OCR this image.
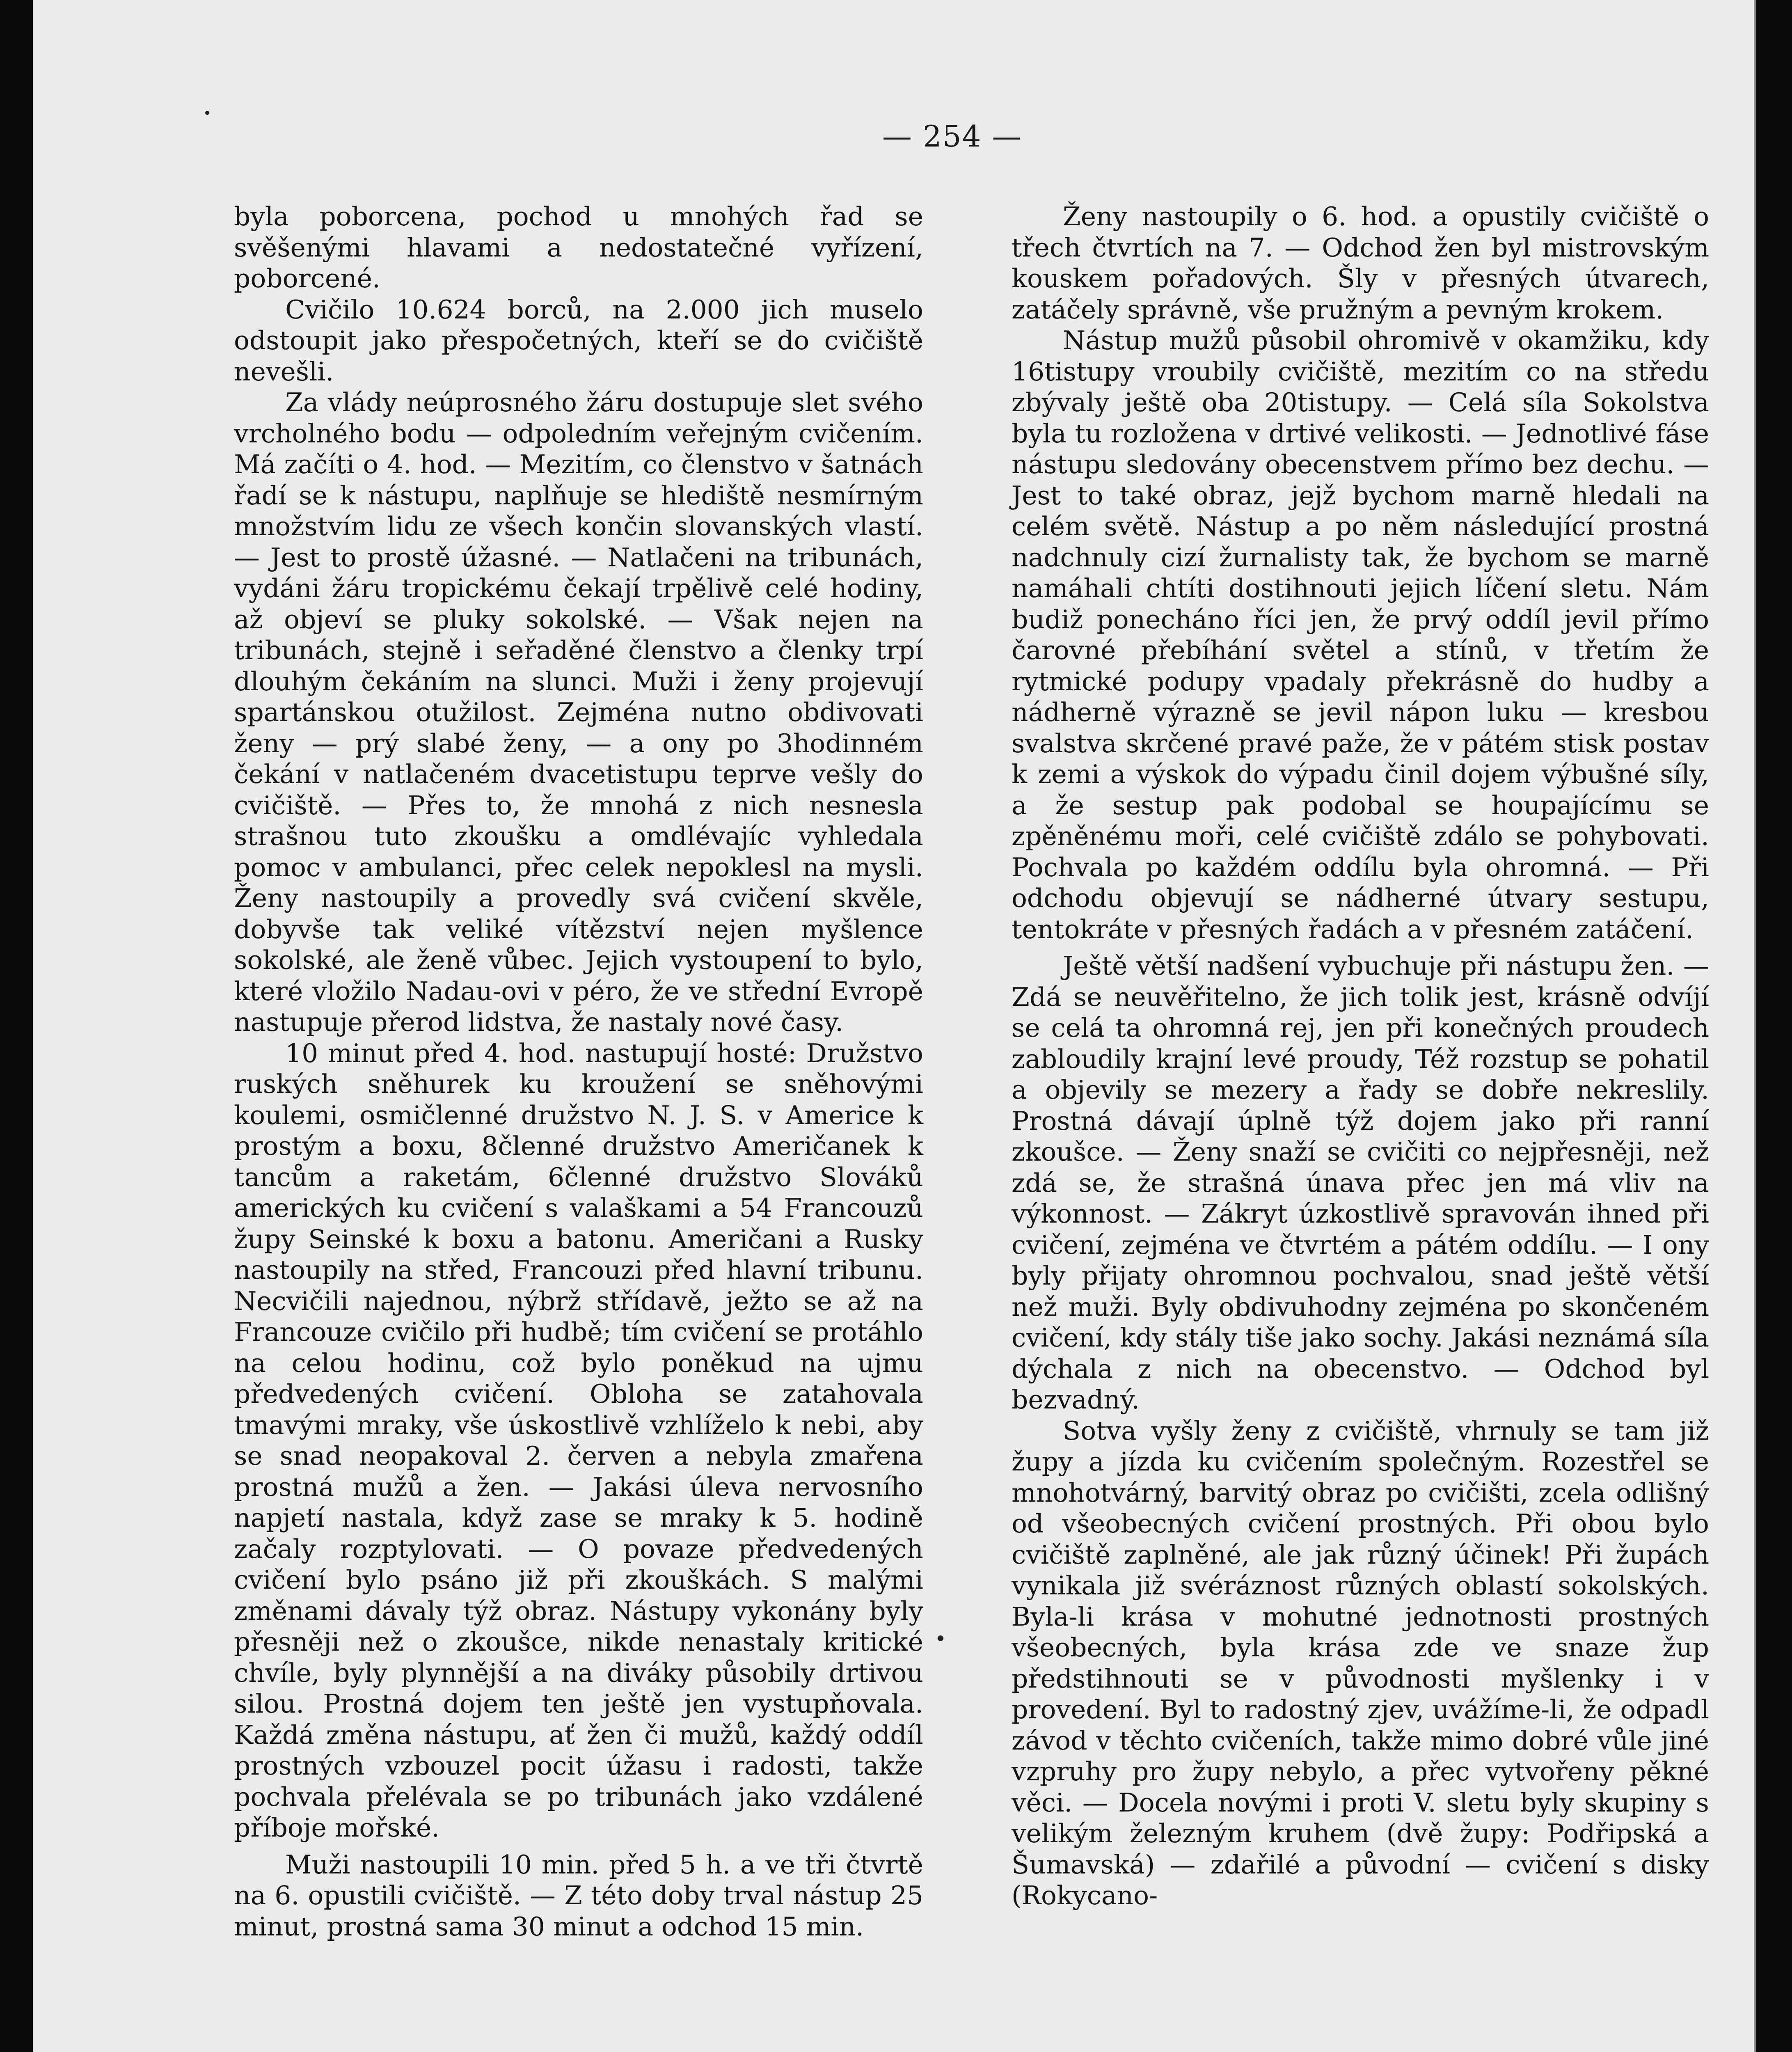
— 254 —

byla poborcena, pochod u mnohých řad se svěšenými hlavami a nedostatečné vyřízení, poborcené.

Cvičilo 10.624 borců, na 2.000 jich muselo odstoupit jako přespočetných, kteří se do cvičiště nevešli.

Za vlády neúprosného žáru dostupuje slet svého vrcholného bodu — odpoledním veřejným cvičením. Má začíti o 4. hod. — Mezitím, co členstvo v šatnách řadí se k nástupu, naplňuje se hlediště nesmírným množstvím lidu ze všech končin slovanských vlastí. — Jest to prostě úžasné. — Natlačeni na tribunách, vydáni žáru tropickému čekají trpělivě celé hodiny, až objeví se pluky sokolské. — Však nejen na tribunách, stejně i seřaděné členstvo a členky trpí dlouhým čekáním na slunci. Muži i ženy projevují spartánskou otužilost. Zejména nutno obdivovati ženy — prý slabé ženy, — a ony po 3hodinném čekání v natlačeném dvacetistupu teprve vešly do cvičiště. — Přes to, že mnohá z nich nesnesla strašnou tuto zkoušku a omdlévajíc vyhledala pomoc v ambulanci, přec celek nepoklesl na mysli. Ženy nastoupily a provedly svá cvičení skvěle, dobyvše tak veliké vítězství nejen myšlence sokolské, ale ženě vůbec. Jejich vystoupení to bylo, které vložilo Nadau-ovi v péro, že ve střední Evropě nastupuje přerod lidstva, že nastaly nové časy.

10 minut před 4. hod. nastupují hosté: Družstvo ruských sněhurek ku kroužení se sněhovými koulemi, osmičlenné družstvo N. J. S. v Americe k prostým a boxu, 8členné družstvo Američanek k tancům a raketám, 6členné družstvo Slováků amerických ku cvičení s valaškami a 54 Francouzů župy Seinské k boxu a batonu. Američani a Rusky nastoupily na střed, Francouzi před hlavní tribunu. Necvičili najednou, nýbrž střídavě, ježto se až na Francouze cvičilo při hudbě; tím cvičení se protáhlo na celou hodinu, což bylo poněkud na ujmu předvedených cvičení. Obloha se zatahovala tmavými mraky, vše úskostlivě vzhlíželo k nebi, aby se snad neopakoval 2. červen a nebyla zmařena prostná mužů a žen. — Jakási úleva nervosního napjetí nastala, když zase se mraky k 5. hodině začaly rozptylovati. — O povaze předvedených cvičení bylo psáno již při zkouškách. S malými změnami dávaly týž obraz. Nástupy vykonány byly přesněji než o zkoušce, nikde nenastaly kritické chvíle, byly plynnější a na diváky působily drtivou silou. Prostná dojem ten ještě jen vystupňovala. Každá změna nástupu, ať žen či mužů, každý oddíl prostných vzbouzel pocit úžasu i radosti, takže pochvala přelévala se po tribunách jako vzdálené příboje mořské.

Muži nastoupili 10 min. před 5 h. a ve tři čtvrtě na 6. opustili cvičiště. — Z této doby trval nástup 25 minut, prostná sama 30 minut a odchod 15 min.

Ženy nastoupily o 6. hod. a opustily cvičiště o třech čtvrtích na 7. — Odchod žen byl mistrovským kouskem pořadových. Šly v přesných útvarech, zatáčely správně, vše pružným a pevným krokem.

Nástup mužů působil ohromivě v okamžiku, kdy 16tistupy vroubily cvičiště, mezitím co na středu zbývaly ještě oba 20tistupy. — Celá síla Sokolstva byla tu rozložena v drtivé velikosti. — Jednotlivé fáse nástupu sledovány obecenstvem přímo bez dechu. — Jest to také obraz, jejž bychom marně hledali na celém světě. Nástup a po něm následující prostná nadchnuly cizí žurnalisty tak, že bychom se marně namáhali chtíti dostihnouti jejich líčení sletu. Nám budiž ponecháno říci jen, že prvý oddíl jevil přímo čarovné přebíhání světel a stínů, v třetím že rytmické podupy vpadaly překrásně do hudby a nádherně výrazně se jevil nápon luku — kresbou svalstva skrčené pravé paže, že v pátém stisk postav k zemi a výskok do výpadu činil dojem výbušné síly, a že sestup pak podobal se houpajícímu se zpěněnému moři, celé cvičiště zdálo se pohybovati. Pochvala po každém oddílu byla ohromná. — Při odchodu objevují se nádherné útvary sestupu, tentokráte v přesných řadách a v přesném zatáčení.

Ještě větší nadšení vybuchuje při nástupu žen. — Zdá se neuvěřitelno, že jich tolik jest, krásně odvíjí se celá ta ohromná rej, jen při konečných proudech zabloudily krajní levé proudy, Též rozstup se pohatil a objevily se mezery a řady se dobře nekreslily. Prostná dávají úplně týž dojem jako při ranní zkoušce. — Ženy snaží se cvičiti co nejpřesněji, než zdá se, že strašná únava přec jen má vliv na výkonnost. — Zákryt úzkostlivě spravován ihned při cvičení, zejména ve čtvrtém a pátém oddílu. — I ony byly přijaty ohromnou pochvalou, snad ještě větší než muži. Byly obdivuhodny zejména po skončeném cvičení, kdy stály tiše jako sochy. Jakási neznámá síla dýchala z nich na obecenstvo. — Odchod byl bezvadný.

Sotva vyšly ženy z cvičiště, vhrnuly se tam již župy a jízda ku cvičením společným. Rozestřel se mnohotvárný, barvitý obraz po cvičišti, zcela odlišný od všeobecných cvičení prostných. Při obou bylo cvičiště zaplněné, ale jak různý účinek! Při župách vynikala již svéráznost různých oblastí sokolských. Byla-li krása v mohutné jednotnosti prostných všeobecných, byla krása zde ve snaze žup předstihnouti se v původnosti myšlenky i v provedení. Byl to radostný zjev, uvážíme-li, že odpadl závod v těchto cvičeních, takže mimo dobré vůle jiné vzpruhy pro župy nebylo, a přec vytvořeny pěkné věci. — Docela novými i proti V. sletu byly skupiny s velikým železným kruhem (dvě župy: Podřipská a Šumavská) — zdařilé a původní — cvičení s disky (Rokycano-
